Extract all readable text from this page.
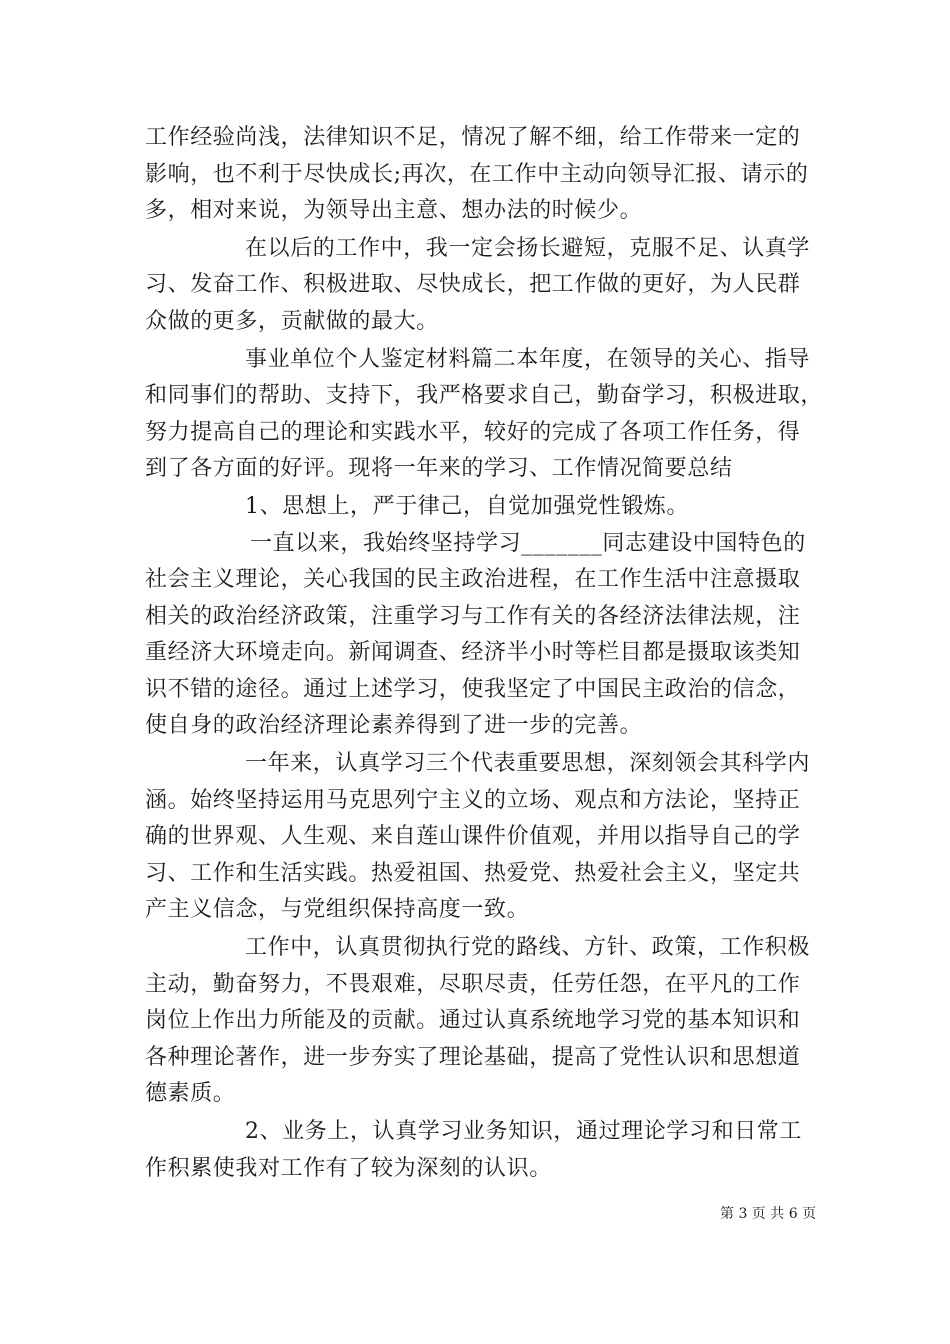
工作经验尚浅，法律知识不足，情况了解不细，给工作带来一定的
影响，也不利于尽快成长;再次，在工作中主动向领导汇报、请示的
多，相对来说，为领导出主意、想办法的时候少。
在以后的工作中，我一定会扬长避短，克服不足、认真学
习、发奋工作、积极进取、尽快成长，把工作做的更好，为人民群
众做的更多，贡献做的最大。
事业单位个人鉴定材料篇二本年度，在领导的关心、指导
和同事们的帮助、支持下，我严格要求自己，勤奋学习，积极进取，
努力提高自己的理论和实践水平，较好的完成了各项工作任务，得
到了各方面的好评。现将一年来的学习、工作情况简要总结
1、思想上，严于律己，自觉加强党性锻炼。
一直以来，我始终坚持学习_______同志建设中国特色的
社会主义理论，关心我国的民主政治进程，在工作生活中注意摄取
相关的政治经济政策，注重学习与工作有关的各经济法律法规，注
重经济大环境走向。新闻调查、经济半小时等栏目都是摄取该类知
识不错的途径。通过上述学习，使我坚定了中国民主政治的信念，
使自身的政治经济理论素养得到了进一步的完善。
一年来，认真学习三个代表重要思想，深刻领会其科学内
涵。始终坚持运用马克思列宁主义的立场、观点和方法论，坚持正
确的世界观、人生观、来自莲山课件价值观，并用以指导自己的学
习、工作和生活实践。热爱祖国、热爱党、热爱社会主义，坚定共
产主义信念，与党组织保持高度一致。
工作中，认真贯彻执行党的路线、方针、政策，工作积极
主动，勤奋努力，不畏艰难，尽职尽责，任劳任怨，在平凡的工作
岗位上作出力所能及的贡献。通过认真系统地学习党的基本知识和
各种理论著作，进一步夯实了理论基础，提高了党性认识和思想道
德素质。
2、业务上，认真学习业务知识，通过理论学习和日常工
作积累使我对工作有了较为深刻的认识。
第 3 页 共 6 页
